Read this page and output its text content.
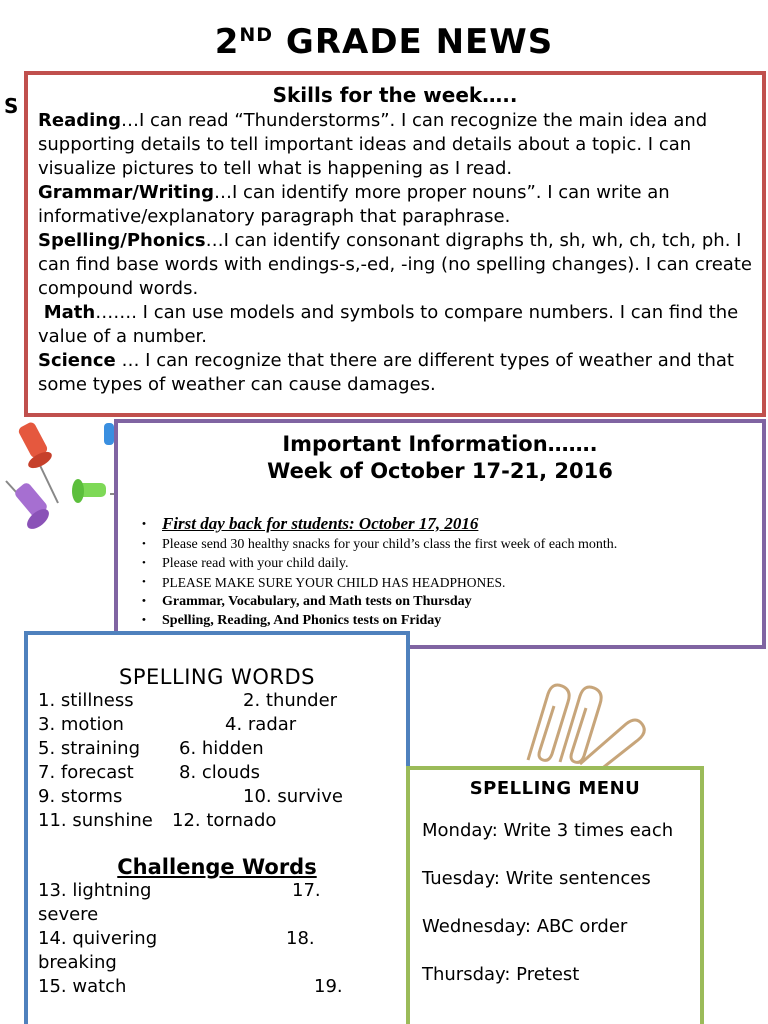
2ND GRADE NEWS
S	Skills for the week…..

Reading…I can read “Thunderstorms”. I can recognize the main idea and supporting details to tell important ideas and details about a topic. I can visualize pictures to tell what is happening as I read.

Grammar/Writing…I can identify more proper nouns”. I can write an informative/explanatory paragraph that paraphrase.

Spelling/Phonics…I can identify consonant digraphs th, sh, wh, ch, tch, ph. I can find base words with endings-s,-ed, -ing (no spelling changes). I can create compound words.

Math……. I can use models and symbols to compare numbers. I can find the value of a number.

Science … I can recognize that there are different types of weather and that some types of weather can cause damages.

Important Information…….
Week of October 17-21, 2016
• First day back for students: October 17, 2016
• Please send 30 healthy snacks for your child’s class the first week of each month.
• Please read with your child daily.
• PLEASE MAKE SURE YOUR CHILD HAS HEADPHONES.
• Grammar, Vocabulary, and Math tests on Thursday
• Spelling, Reading, And Phonics tests on Friday
•
SPELLING WORDS
1. stillness	2. thunder
3. motion	4. radar
5. straining 6. hidden
7. forecast	8. clouds
9. storms	10. survive
11. sunshine 12. tornado
Challenge Words
13. lightning	17.
severe
14. quivering	18.
breaking
15. watch	19.
SPELLING MENU

Monday: Write 3 times each

Tuesday: Write sentences

Wednesday: ABC order

Thursday: Pretest
